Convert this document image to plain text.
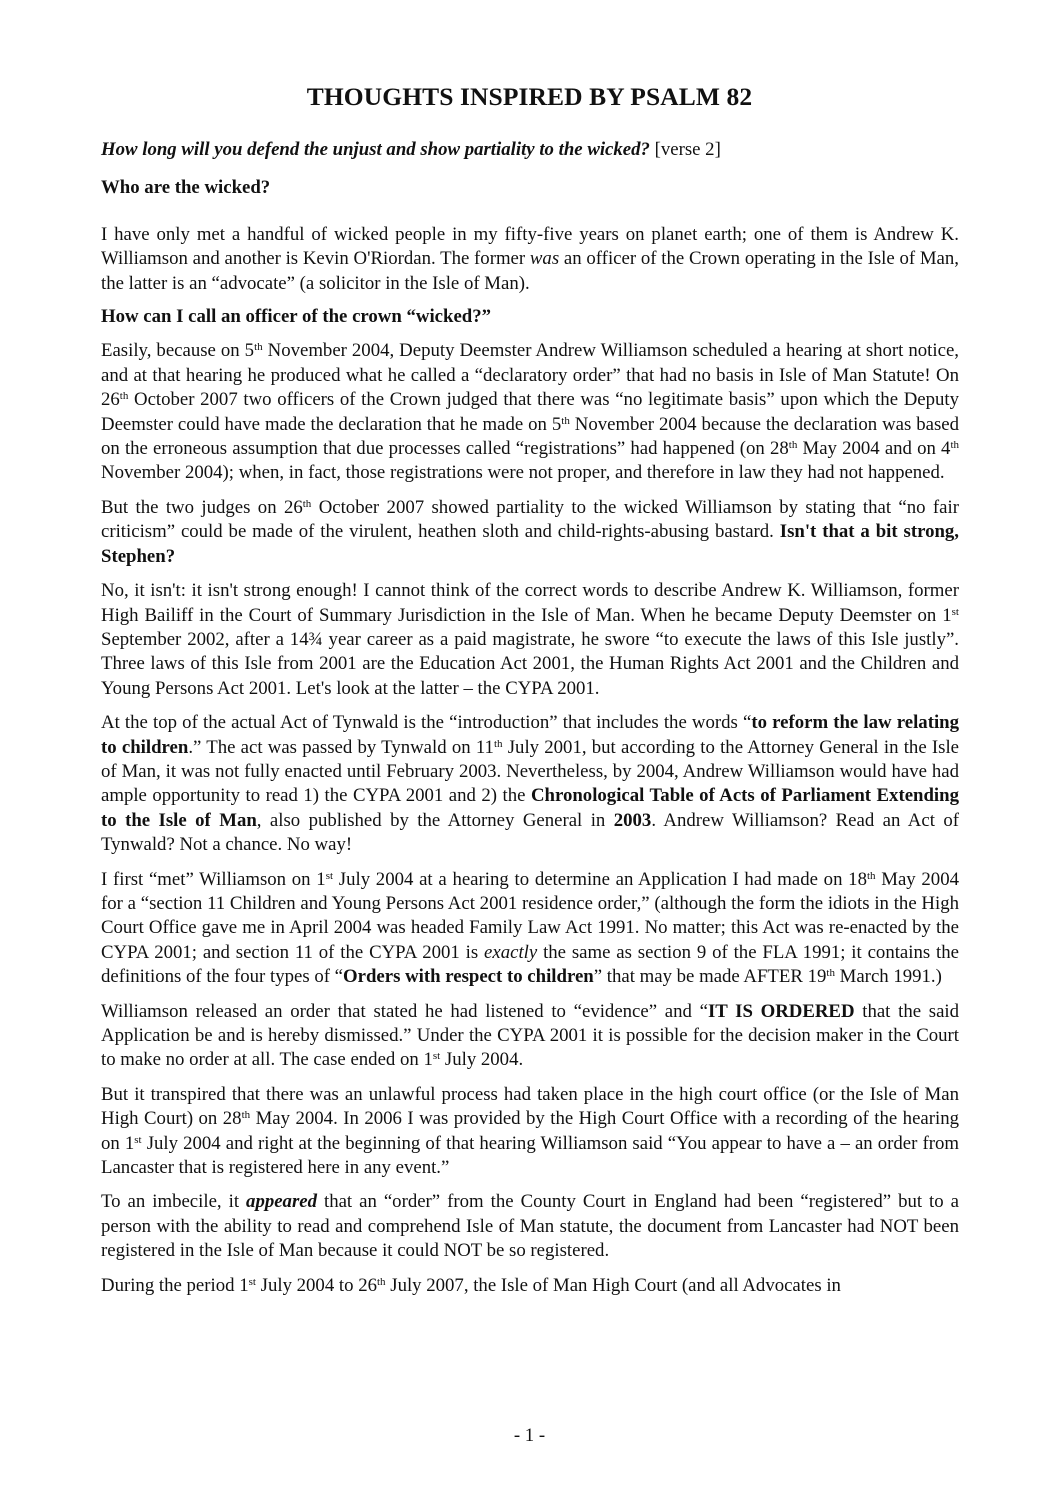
THOUGHTS INSPIRED BY PSALM 82

How long will you defend the unjust and show partiality to the wicked? [verse 2]

Who are the wicked?

I have only met a handful of wicked people in my fifty-five years on planet earth; one of them is Andrew K. Williamson and another is Kevin O'Riordan. The former was an officer of the Crown operating in the Isle of Man, the latter is an “advocate” (a solicitor in the Isle of Man).

How can I call an officer of the crown “wicked?”

Easily, because on 5th November 2004, Deputy Deemster Andrew Williamson scheduled a hearing at short notice, and at that hearing he produced what he called a “declaratory order” that had no basis in Isle of Man Statute! On 26th October 2007 two officers of the Crown judged that there was “no legitimate basis” upon which the Deputy Deemster could have made the declaration that he made on 5th November 2004 because the declaration was based on the erroneous assumption that due processes called “registrations” had happened (on 28th May 2004 and on 4th November 2004); when, in fact, those registrations were not proper, and therefore in law they had not happened.

But the two judges on 26th October 2007 showed partiality to the wicked Williamson by stating that “no fair criticism” could be made of the virulent, heathen sloth and child-rights-abusing bastard. Isn't that a bit strong, Stephen?

No, it isn't: it isn't strong enough! I cannot think of the correct words to describe Andrew K. Williamson, former High Bailiff in the Court of Summary Jurisdiction in the Isle of Man. When he became Deputy Deemster on 1st September 2002, after a 14¾ year career as a paid magistrate, he swore “to execute the laws of this Isle justly”. Three laws of this Isle from 2001 are the Education Act 2001, the Human Rights Act 2001 and the Children and Young Persons Act 2001. Let's look at the latter – the CYPA 2001.

At the top of the actual Act of Tynwald is the “introduction” that includes the words “to reform the law relating to children.” The act was passed by Tynwald on 11th July 2001, but according to the Attorney General in the Isle of Man, it was not fully enacted until February 2003. Nevertheless, by 2004, Andrew Williamson would have had ample opportunity to read 1) the CYPA 2001 and 2) the Chronological Table of Acts of Parliament Extending to the Isle of Man, also published by the Attorney General in 2003. Andrew Williamson? Read an Act of Tynwald? Not a chance. No way!

I first “met” Williamson on 1st July 2004 at a hearing to determine an Application I had made on 18th May 2004 for a “section 11 Children and Young Persons Act 2001 residence order,” (although the form the idiots in the High Court Office gave me in April 2004 was headed Family Law Act 1991. No matter; this Act was re-enacted by the CYPA 2001; and section 11 of the CYPA 2001 is exactly the same as section 9 of the FLA 1991; it contains the definitions of the four types of “Orders with respect to children” that may be made AFTER 19th March 1991.)

Williamson released an order that stated he had listened to “evidence” and “IT IS ORDERED that the said Application be and is hereby dismissed.” Under the CYPA 2001 it is possible for the decision maker in the Court to make no order at all. The case ended on 1st July 2004.

But it transpired that there was an unlawful process had taken place in the high court office (or the Isle of Man High Court) on 28th May 2004. In 2006 I was provided by the High Court Office with a recording of the hearing on 1st July 2004 and right at the beginning of that hearing Williamson said “You appear to have a – an order from Lancaster that is registered here in any event.”

To an imbecile, it appeared that an “order” from the County Court in England had been “registered” but to a person with the ability to read and comprehend Isle of Man statute, the document from Lancaster had NOT been registered in the Isle of Man because it could NOT be so registered.

During the period 1st July 2004 to 26th July 2007, the Isle of Man High Court (and all Advocates in

- 1 -
